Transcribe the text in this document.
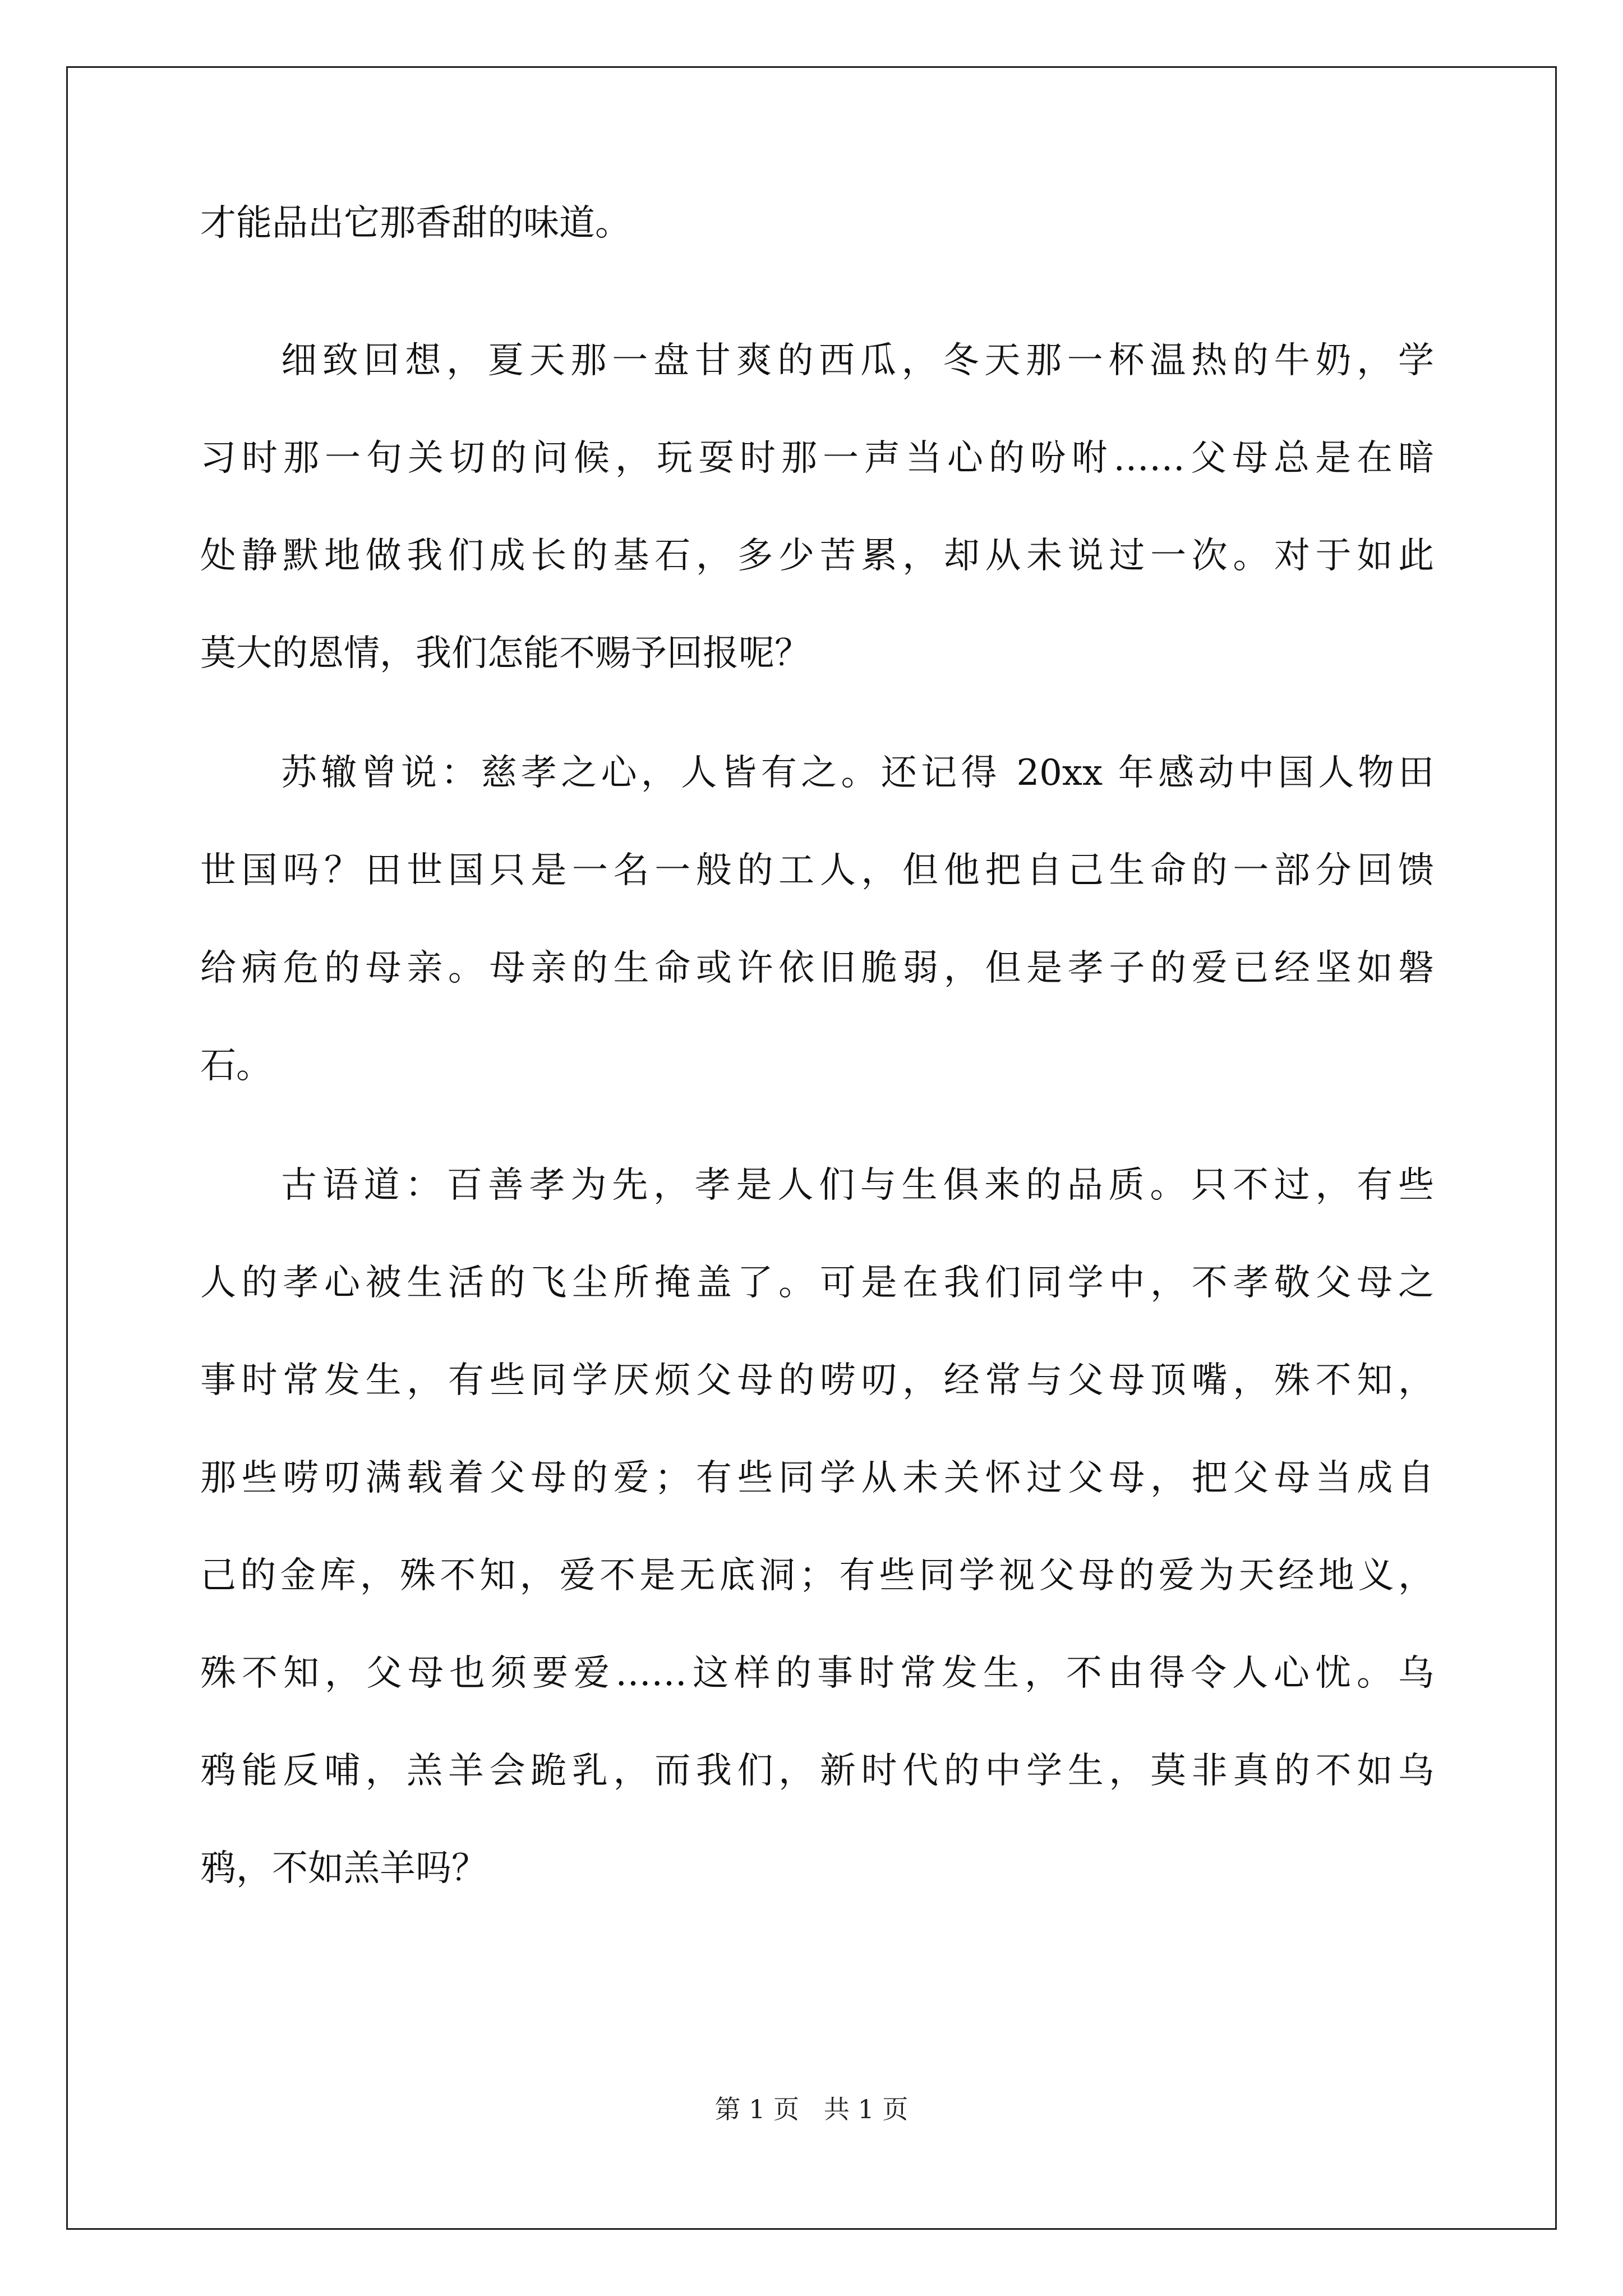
才能品出它那香甜的味道。
细致回想，夏天那一盘甘爽的西瓜，冬天那一杯温热的牛奶，学
习时那一句关切的问候，玩耍时那一声当心的吩咐……父母总是在暗
处静默地做我们成长的基石，多少苦累，却从未说过一次。对于如此
莫大的恩情，我们怎能不赐予回报呢？
苏辙曾说：慈孝之心，人皆有之。还记得 20xx 年感动中国人物田
世国吗？田世国只是一名一般的工人，但他把自己生命的一部分回馈
给病危的母亲。母亲的生命或许依旧脆弱，但是孝子的爱已经坚如磐
石。
古语道：百善孝为先，孝是人们与生俱来的品质。只不过，有些
人的孝心被生活的飞尘所掩盖了。可是在我们同学中，不孝敬父母之
事时常发生，有些同学厌烦父母的唠叨，经常与父母顶嘴，殊不知，
那些唠叨满载着父母的爱；有些同学从未关怀过父母，把父母当成自
己的金库，殊不知，爱不是无底洞；有些同学视父母的爱为天经地义，
殊不知，父母也须要爱……这样的事时常发生，不由得令人心忧。乌
鸦能反哺，羔羊会跪乳，而我们，新时代的中学生，莫非真的不如乌
鸦，不如羔羊吗？
第 1 页   共 1 页
